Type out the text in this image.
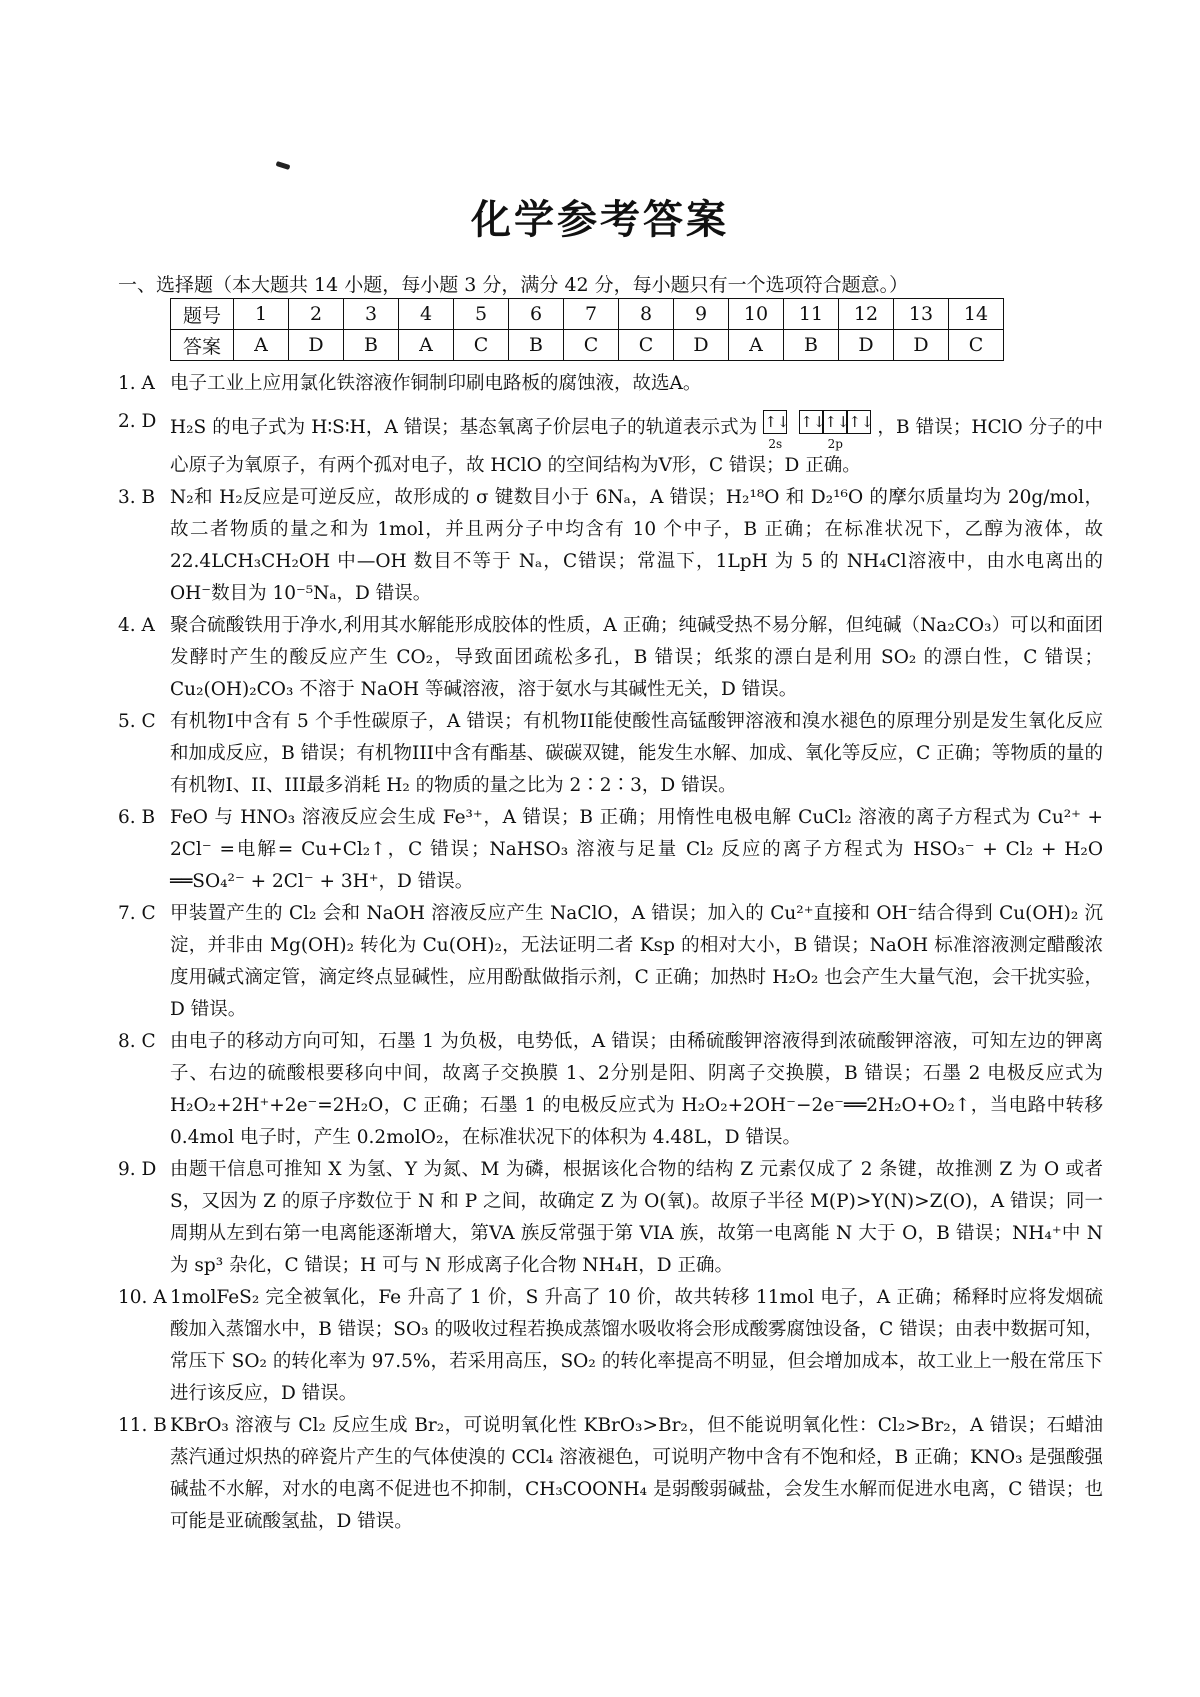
化学参考答案
一、选择题（本大题共 14 小题，每小题 3 分，满分 42 分，每小题只有一个选项符合题意。）
题号	1	2	3	4	5	6	7	8	9	10	11	12	13	14
答案	A	D	B	A	C	B	C	C	D	A	B	D	D	C
1. A 电子工业上应用氯化铁溶液作铜制印刷电路板的腐蚀液，故选A。
2. D H₂S 的电子式为 H∶S∶H，A 错误；基态氧离子价层电子的轨道表示式为 ↑↓
2s
↑↓↑↓↑↓
2p
，B 错误；HClO 分子的中心原子为氧原子，有两个孤对电子，故 HClO 的空间结构为V形，C 错误；D 正确。
3. B N₂和 H₂反应是可逆反应，故形成的 σ 键数目小于 6Nₐ，A 错误；H₂¹⁸O 和 D₂¹⁶O 的摩尔质量均为 20g/mol，故二者物质的量之和为 1mol，并且两分子中均含有 10 个中子，B 正确；在标准状况下，乙醇为液体，故22.4LCH₃CH₂OH 中—OH 数目不等于 Nₐ，C错误；常温下，1LpH 为 5 的 NH₄Cl溶液中，由水电离出的 OH⁻数目为 10⁻⁵Nₐ，D 错误。
4. A 聚合硫酸铁用于净水,利用其水解能形成胶体的性质，A 正确；纯碱受热不易分解，但纯碱（Na₂CO₃）可以和面团发酵时产生的酸反应产生 CO₂，导致面团疏松多孔，B 错误；纸浆的漂白是利用 SO₂ 的漂白性，C 错误；Cu₂(OH)₂CO₃ 不溶于 NaOH 等碱溶液，溶于氨水与其碱性无关，D 错误。
5. C 有机物I中含有 5 个手性碳原子，A 错误；有机物II能使酸性高锰酸钾溶液和溴水褪色的原理分别是发生氧化反应和加成反应，B 错误；有机物III中含有酯基、碳碳双键，能发生水解、加成、氧化等反应，C 正确；等物质的量的有机物I、II、III最多消耗 H₂ 的物质的量之比为 2∶2∶3，D 错误。
6. B FeO 与 HNO₃ 溶液反应会生成 Fe³⁺，A 错误；B 正确；用惰性电极电解 CuCl₂ 溶液的离子方程式为 Cu²⁺ + 2Cl⁻ =电解= Cu+Cl₂↑，C 错误；NaHSO₃ 溶液与足量 Cl₂ 反应的离子方程式为 HSO₃⁻ + Cl₂ + H₂O ══SO₄²⁻ + 2Cl⁻ + 3H⁺，D 错误。
7. C 甲装置产生的 Cl₂ 会和 NaOH 溶液反应产生 NaClO，A 错误；加入的 Cu²⁺直接和 OH⁻结合得到 Cu(OH)₂ 沉淀，并非由 Mg(OH)₂ 转化为 Cu(OH)₂，无法证明二者 Ksp 的相对大小，B 错误；NaOH 标准溶液测定醋酸浓度用碱式滴定管，滴定终点显碱性，应用酚酞做指示剂，C 正确；加热时 H₂O₂ 也会产生大量气泡，会干扰实验，D 错误。
8. C 由电子的移动方向可知，石墨 1 为负极，电势低，A 错误；由稀硫酸钾溶液得到浓硫酸钾溶液，可知左边的钾离子、右边的硫酸根要移向中间，故离子交换膜 1、2分别是阳、阴离子交换膜，B 错误；石墨 2 电极反应式为 H₂O₂+2H⁺+2e⁻=2H₂O，C 正确；石墨 1 的电极反应式为 H₂O₂+2OH⁻−2e⁻══2H₂O+O₂↑，当电路中转移 0.4mol 电子时，产生 0.2molO₂，在标准状况下的体积为 4.48L，D 错误。
9. D 由题干信息可推知 X 为氢、Y 为氮、M 为磷，根据该化合物的结构 Z 元素仅成了 2 条键，故推测 Z 为 O 或者 S，又因为 Z 的原子序数位于 N 和 P 之间，故确定 Z 为 O(氧)。故原子半径 M(P)>Y(N)>Z(O)，A 错误；同一周期从左到右第一电离能逐渐增大，第VA 族反常强于第 VIA 族，故第一电离能 N 大于 O，B 错误；NH₄⁺中 N 为 sp³ 杂化，C 错误；H 可与 N 形成离子化合物 NH₄H，D 正确。
10. A 1molFeS₂ 完全被氧化，Fe 升高了 1 价，S 升高了 10 价，故共转移 11mol 电子，A 正确；稀释时应将发烟硫酸加入蒸馏水中，B 错误；SO₃ 的吸收过程若换成蒸馏水吸收将会形成酸雾腐蚀设备，C 错误；由表中数据可知，常压下 SO₂ 的转化率为 97.5%，若采用高压，SO₂ 的转化率提高不明显，但会增加成本，故工业上一般在常压下进行该反应，D 错误。
11. B KBrO₃ 溶液与 Cl₂ 反应生成 Br₂，可说明氧化性 KBrO₃>Br₂，但不能说明氧化性：Cl₂>Br₂，A 错误；石蜡油蒸汽通过炽热的碎瓷片产生的气体使溴的 CCl₄ 溶液褪色，可说明产物中含有不饱和烃，B 正确；KNO₃ 是强酸强碱盐不水解，对水的电离不促进也不抑制，CH₃COONH₄ 是弱酸弱碱盐，会发生水解而促进水电离，C 错误；也可能是亚硫酸氢盐，D 错误。
